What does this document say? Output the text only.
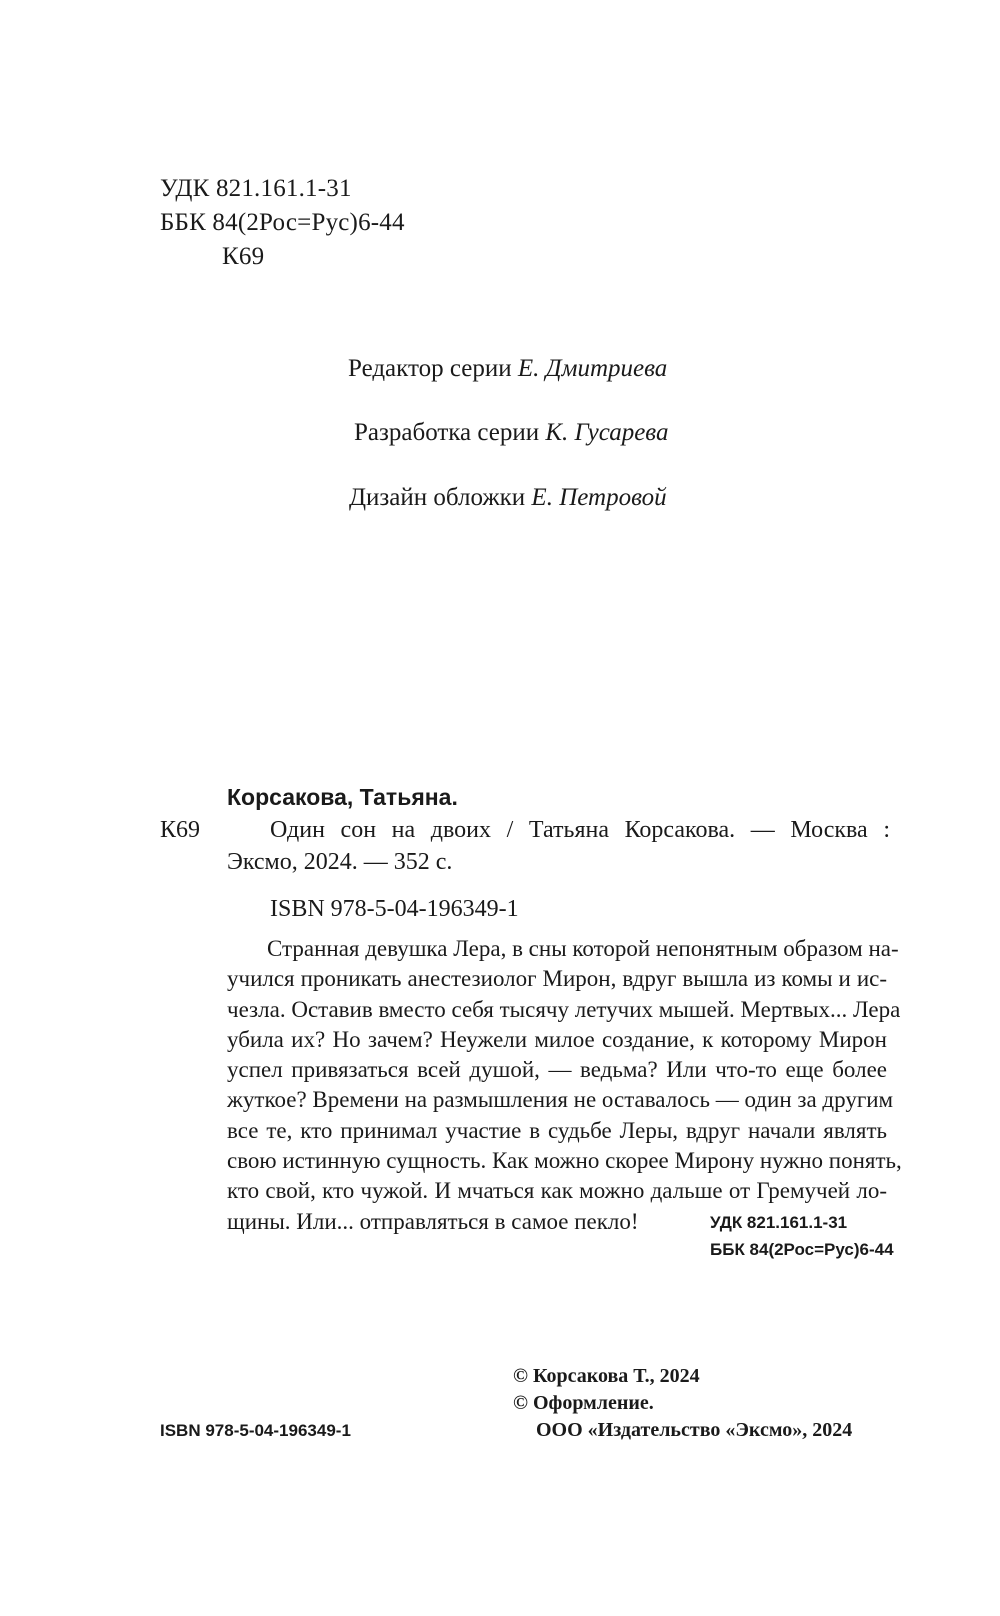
УДК 821.161.1-31
ББК 84(2Рос=Рус)6-44
К69
Редактор серии Е. Дмитриева
Разработка серии К. Гусарева
Дизайн обложки Е. Петровой
Корсакова, Татьяна.
К69	Один сон на двоих / Татьяна Корсакова. — Москва :
Эксмо, 2024. — 352 с.
ISBN 978-5-04-196349-1
Странная девушка Лера, в сны которой непонятным образом на-
учился проникать анестезиолог Мирон, вдруг вышла из комы и ис-
чезла. Оставив вместо себя тысячу летучих мышей. Мертвых... Лера
убила их? Но зачем? Неужели милое создание, к которому Мирон
успел привязаться всей душой, — ведьма? Или что-то еще более
жуткое? Времени на размышления не оставалось — один за другим
все те, кто принимал участие в судьбе Леры, вдруг начали являть
свою истинную сущность. Как можно скорее Мирону нужно понять,
кто свой, кто чужой. И мчаться как можно дальше от Гремучей ло-
щины. Или... отправляться в самое пекло!	УДК 821.161.1-31
ББК 84(2Рос=Рус)6-44
© Корсакова Т., 2024
© Оформление.
ООО «Издательство «Эксмо», 2024
ISBN 978-5-04-196349-1
